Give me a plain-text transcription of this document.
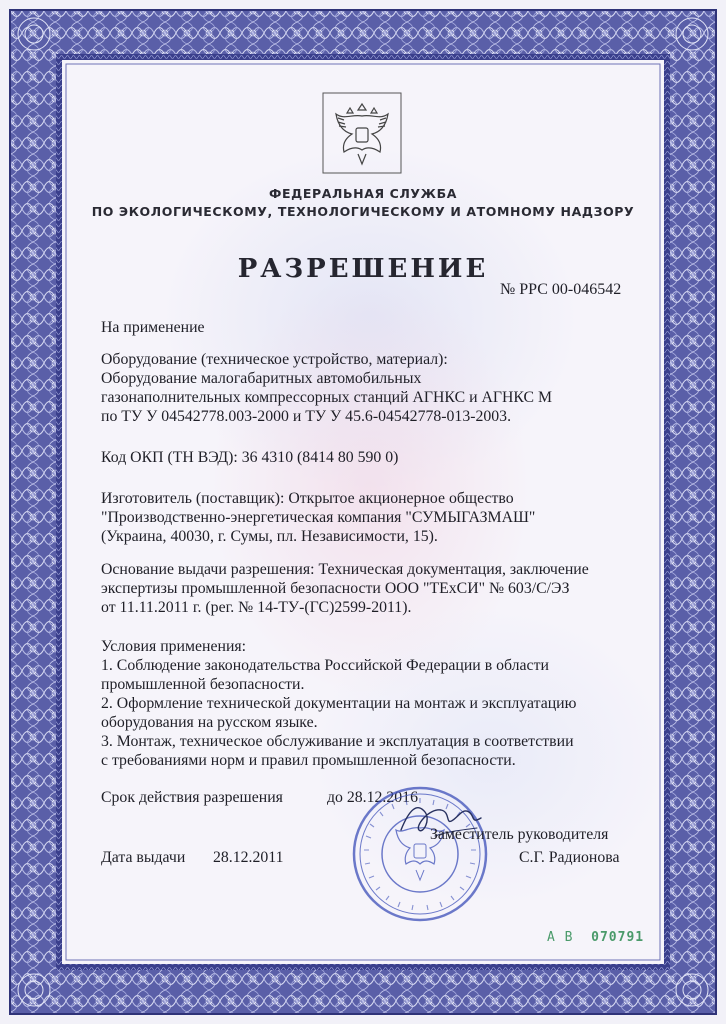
ФЕДЕРАЛЬНАЯ СЛУЖБА
ПО ЭКОЛОГИЧЕСКОМУ, ТЕХНОЛОГИЧЕСКОМУ И АТОМНОМУ НАДЗОРУ
РАЗРЕШЕНИЕ
№ РРС 00-046542
На применение
Оборудование (техническое устройство, материал):
Оборудование малогабаритных автомобильных
газонаполнительных компрессорных станций АГНКС и АГНКС М
по ТУ У 04542778.003-2000 и ТУ У 45.6-04542778-013-2003.
Код ОКП (ТН ВЭД): 36 4310 (8414 80 590 0)
Изготовитель (поставщик): Открытое акционерное общество
"Производственно-энергетическая компания "СУМЫГАЗМАШ"
(Украина, 40030, г. Сумы, пл. Независимости, 15).
Основание выдачи разрешения: Техническая документация, заключение
экспертизы промышленной безопасности ООО "ТЕхСИ" № 603/С/ЭЗ
от 11.11.2011 г. (рег. № 14-ТУ-(ГС)2599-2011).
Условия применения:
1. Соблюдение законодательства Российской Федерации в области
промышленной безопасности.
2. Оформление технической документации на монтаж и эксплуатацию
оборудования на русском языке.
3. Монтаж, техническое обслуживание и эксплуатация в соответствии
с требованиями норм и правил промышленной безопасности.
Срок действия разрешения	до 28.12.2016
Заместитель руководителя
Дата выдачи 28.12.2011	С.Г. Радионова
А В 070791
